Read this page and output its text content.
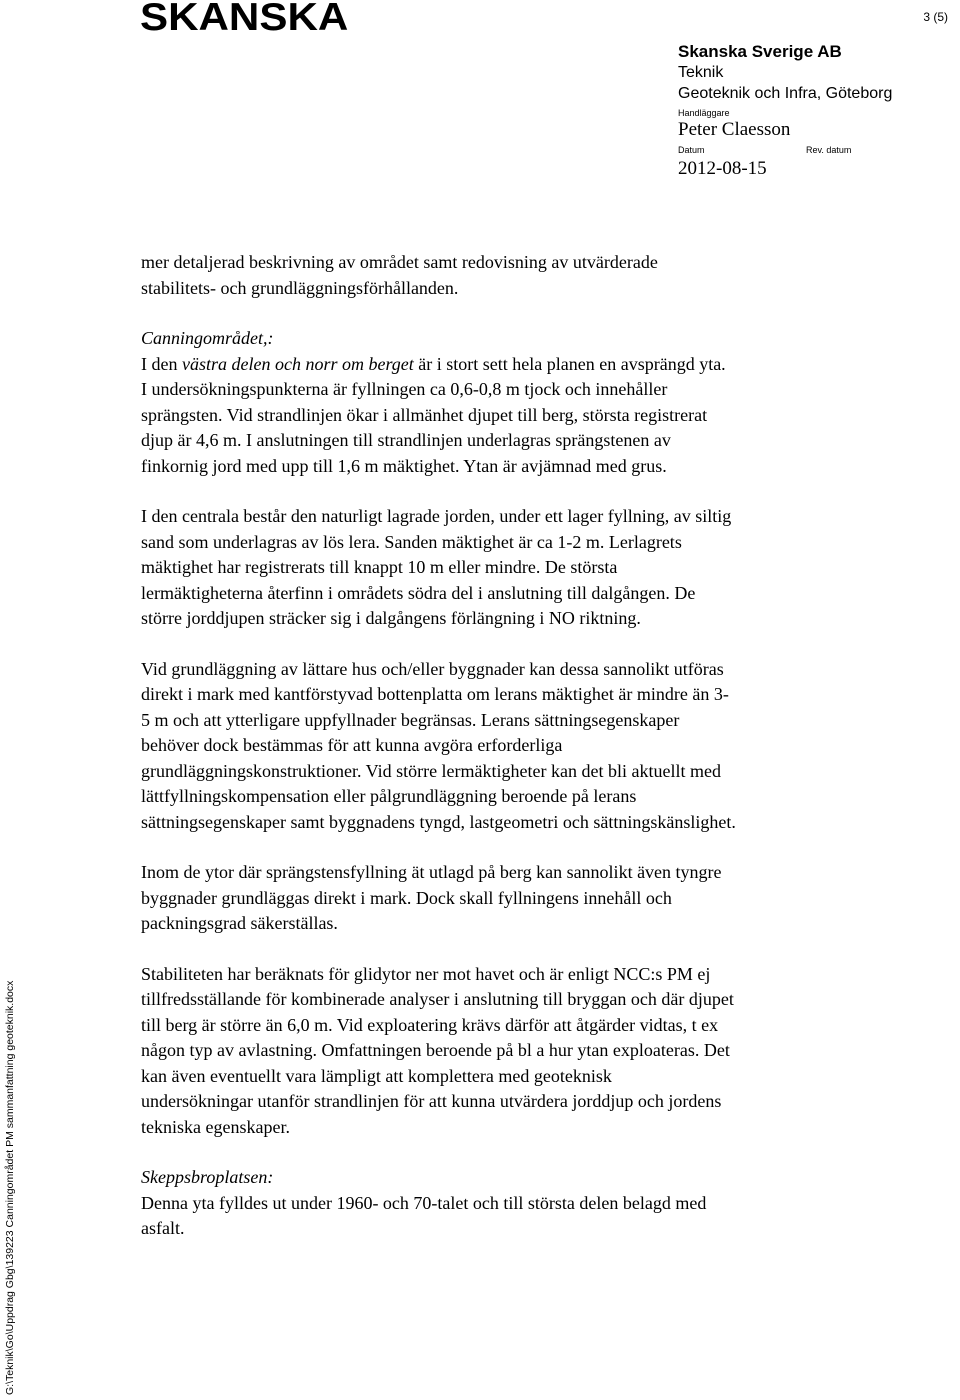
SKANSKA	3 (5)
Skanska Sverige AB
Teknik
Geoteknik och Infra, Göteborg
Handläggare
Peter Claesson
Datum	Rev. datum
2012-08-15

mer detaljerad beskrivning av området samt redovisning av utvärderade
stabilitets- och grundläggningsförhållanden.

Canningområdet,:
I den västra delen och norr om berget är i stort sett hela planen en avsprängd yta.
I undersökningspunkterna är fyllningen ca 0,6-0,8 m tjock och innehåller
sprängsten. Vid strandlinjen ökar i allmänhet djupet till berg, största registrerat
djup är 4,6 m. I anslutningen till strandlinjen underlagras sprängstenen av
finkornig jord med upp till 1,6 m mäktighet. Ytan är avjämnad med grus.

I den centrala består den naturligt lagrade jorden, under ett lager fyllning, av siltig
sand som underlagras av lös lera. Sanden mäktighet är ca 1-2 m. Lerlagrets
mäktighet har registrerats till knappt 10 m eller mindre. De största
lermäktigheterna återfinn i områdets södra del i anslutning till dalgången. De
större jorddjupen sträcker sig i dalgångens förlängning i NO riktning.

Vid grundläggning av lättare hus och/eller byggnader kan dessa sannolikt utföras
direkt i mark med kantförstyvad bottenplatta om lerans mäktighet är mindre än 3-
5 m och att ytterligare uppfyllnader begränsas. Lerans sättningsegenskaper
behöver dock bestämmas för att kunna avgöra erforderliga
grundläggningskonstruktioner. Vid större lermäktigheter kan det bli aktuellt med
lättfyllningskompensation eller pålgrundläggning beroende på lerans
sättningsegenskaper samt byggnadens tyngd, lastgeometri och sättningskänslighet.

Inom de ytor där sprängstensfyllning ät utlagd på berg kan sannolikt även tyngre
byggnader grundläggas direkt i mark. Dock skall fyllningens innehåll och
packningsgrad säkerställas.

Stabiliteten har beräknats för glidytor ner mot havet och är enligt NCC:s PM ej
tillfredsställande för kombinerade analyser i anslutning till bryggan och där djupet
till berg är större än 6,0 m. Vid exploatering krävs därför att åtgärder vidtas, t ex
någon typ av avlastning. Omfattningen beroende på bl a hur ytan exploateras. Det
kan även eventuellt vara lämpligt att komplettera med geoteknisk
undersökningar utanför strandlinjen för att kunna utvärdera jorddjup och jordens
tekniska egenskaper.

Skeppsbroplatsen:
Denna yta fylldes ut under 1960- och 70-talet och till största delen belagd med
asfalt.

G:\Teknik\Go\Uppdrag Gbg\139223 Canningområdet PM sammanfattning geoteknik.docx
